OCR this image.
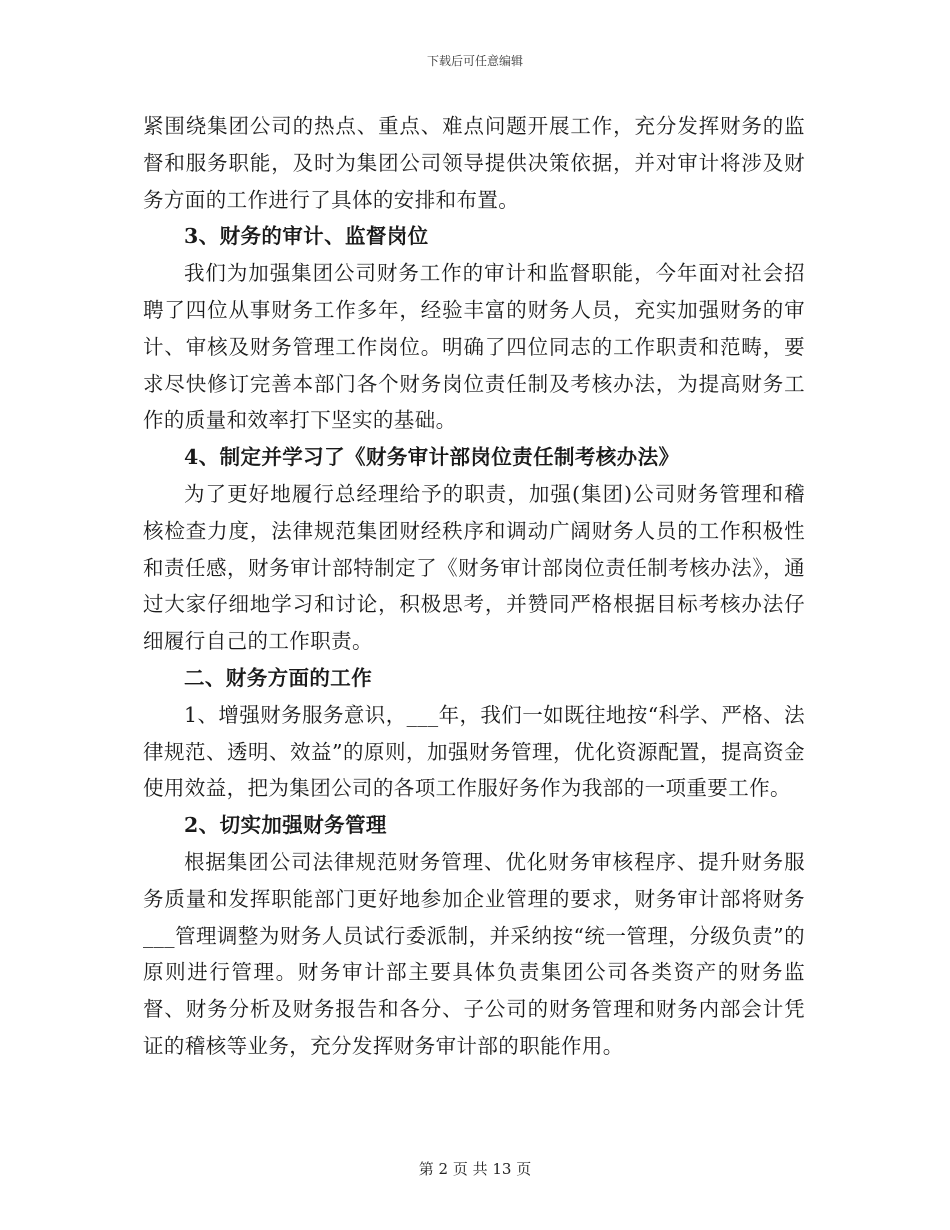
下载后可任意编辑

紧围绕集团公司的热点、重点、难点问题开展工作，充分发挥财务的监督和服务职能，及时为集团公司领导提供决策依据，并对审计将涉及财务方面的工作进行了具体的安排和布置。

3、财务的审计、监督岗位

我们为加强集团公司财务工作的审计和监督职能，今年面对社会招聘了四位从事财务工作多年，经验丰富的财务人员，充实加强财务的审计、审核及财务管理工作岗位。明确了四位同志的工作职责和范畴，要求尽快修订完善本部门各个财务岗位责任制及考核办法，为提高财务工作的质量和效率打下坚实的基础。

4、制定并学习了《财务审计部岗位责任制考核办法》

为了更好地履行总经理给予的职责，加强(集团)公司财务管理和稽核检查力度，法律规范集团财经秩序和调动广阔财务人员的工作积极性和责任感，财务审计部特制定了《财务审计部岗位责任制考核办法》，通过大家仔细地学习和讨论，积极思考，并赞同严格根据目标考核办法仔细履行自己的工作职责。

二、财务方面的工作

1、增强财务服务意识，___年，我们一如既往地按“科学、严格、法律规范、透明、效益”的原则，加强财务管理，优化资源配置，提高资金使用效益，把为集团公司的各项工作服好务作为我部的一项重要工作。

2、切实加强财务管理

根据集团公司法律规范财务管理、优化财务审核程序、提升财务服务质量和发挥职能部门更好地参加企业管理的要求，财务审计部将财务___管理调整为财务人员试行委派制，并采纳按“统一管理，分级负责”的原则进行管理。财务审计部主要具体负责集团公司各类资产的财务监督、财务分析及财务报告和各分、子公司的财务管理和财务内部会计凭证的稽核等业务，充分发挥财务审计部的职能作用。

第 2 页 共 13 页
